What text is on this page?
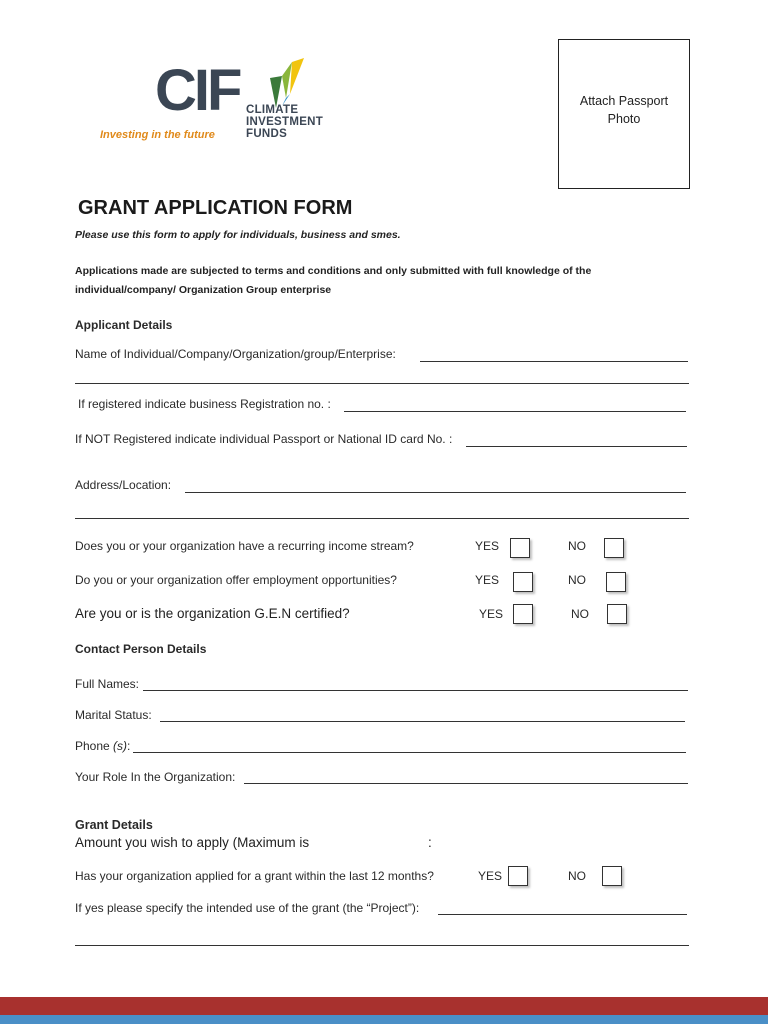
CIF CLIMATE
INVESTMENT
FUNDS
Investing in the future
Attach Passport
Photo
GRANT APPLICATION FORM
Please use this form to apply for individuals, business and smes.
Applications made are subjected to terms and conditions and only submitted with full knowledge of the
individual/company/ Organization Group enterprise
Applicant Details
Name of Individual/Company/Organization/group/Enterprise:
If registered indicate business Registration no. :
If NOT Registered indicate individual Passport or National ID card No. :
Address/Location:
Does you or your organization have a recurring income stream?	YES	NO
Do you or your organization offer employment opportunities?	YES	NO
Are you or is the organization G.E.N certified?	YES	NO
Contact Person Details
Full Names:
Marital Status:
Phone (s):
Your Role In the Organization:
Grant Details
Amount you wish to apply (Maximum is	:
Has your organization applied for a grant within the last 12 months?	YES	NO
If yes please specify the intended use of the grant (the “Project”):
